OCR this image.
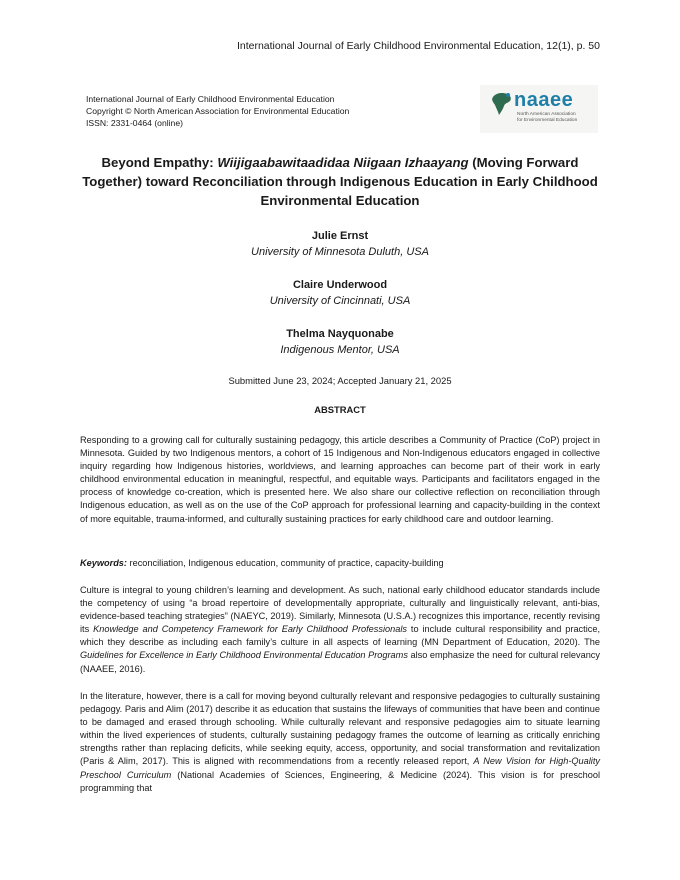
International Journal of Early Childhood Environmental Education, 12(1), p. 50
International Journal of Early Childhood Environmental Education
Copyright © North American Association for Environmental Education
ISSN: 2331-0464 (online)
naaee
North American Association
for Environmental Education
Beyond Empathy: Wiijigaabawitaadidaa Niigaan Izhaayang (Moving Forward Together) toward Reconciliation through Indigenous Education in Early Childhood Environmental Education
Julie Ernst
University of Minnesota Duluth, USA
Claire Underwood
University of Cincinnati, USA
Thelma Nayquonabe
Indigenous Mentor, USA
Submitted June 23, 2024; Accepted January 21, 2025
ABSTRACT
Responding to a growing call for culturally sustaining pedagogy, this article describes a Community of Practice (CoP) project in Minnesota. Guided by two Indigenous mentors, a cohort of 15 Indigenous and Non-Indigenous educators engaged in collective inquiry regarding how Indigenous histories, worldviews, and learning approaches can become part of their work in early childhood environmental education in meaningful, respectful, and equitable ways. Participants and facilitators engaged in the process of knowledge co-creation, which is presented here. We also share our collective reflection on reconciliation through Indigenous education, as well as on the use of the CoP approach for professional learning and capacity-building in the context of more equitable, trauma-informed, and culturally sustaining practices for early childhood care and outdoor learning.
Keywords: reconciliation, Indigenous education, community of practice, capacity-building
Culture is integral to young children’s learning and development. As such, national early childhood educator standards include the competency of using “a broad repertoire of developmentally appropriate, culturally and linguistically relevant, anti-bias, evidence-based teaching strategies” (NAEYC, 2019). Similarly, Minnesota (U.S.A.) recognizes this importance, recently revising its Knowledge and Competency Framework for Early Childhood Professionals to include cultural responsibility and practice, which they describe as including each family’s culture in all aspects of learning (MN Department of Education, 2020). The Guidelines for Excellence in Early Childhood Environmental Education Programs also emphasize the need for cultural relevancy (NAAEE, 2016).
In the literature, however, there is a call for moving beyond culturally relevant and responsive pedagogies to culturally sustaining pedagogy. Paris and Alim (2017) describe it as education that sustains the lifeways of communities that have been and continue to be damaged and erased through schooling. While culturally relevant and responsive pedagogies aim to situate learning within the lived experiences of students, culturally sustaining pedagogy frames the outcome of learning as critically enriching strengths rather than replacing deficits, while seeking equity, access, opportunity, and social transformation and revitalization (Paris & Alim, 2017). This is aligned with recommendations from a recently released report, A New Vision for High-Quality Preschool Curriculum (National Academies of Sciences, Engineering, & Medicine (2024). This vision is for preschool programming that
